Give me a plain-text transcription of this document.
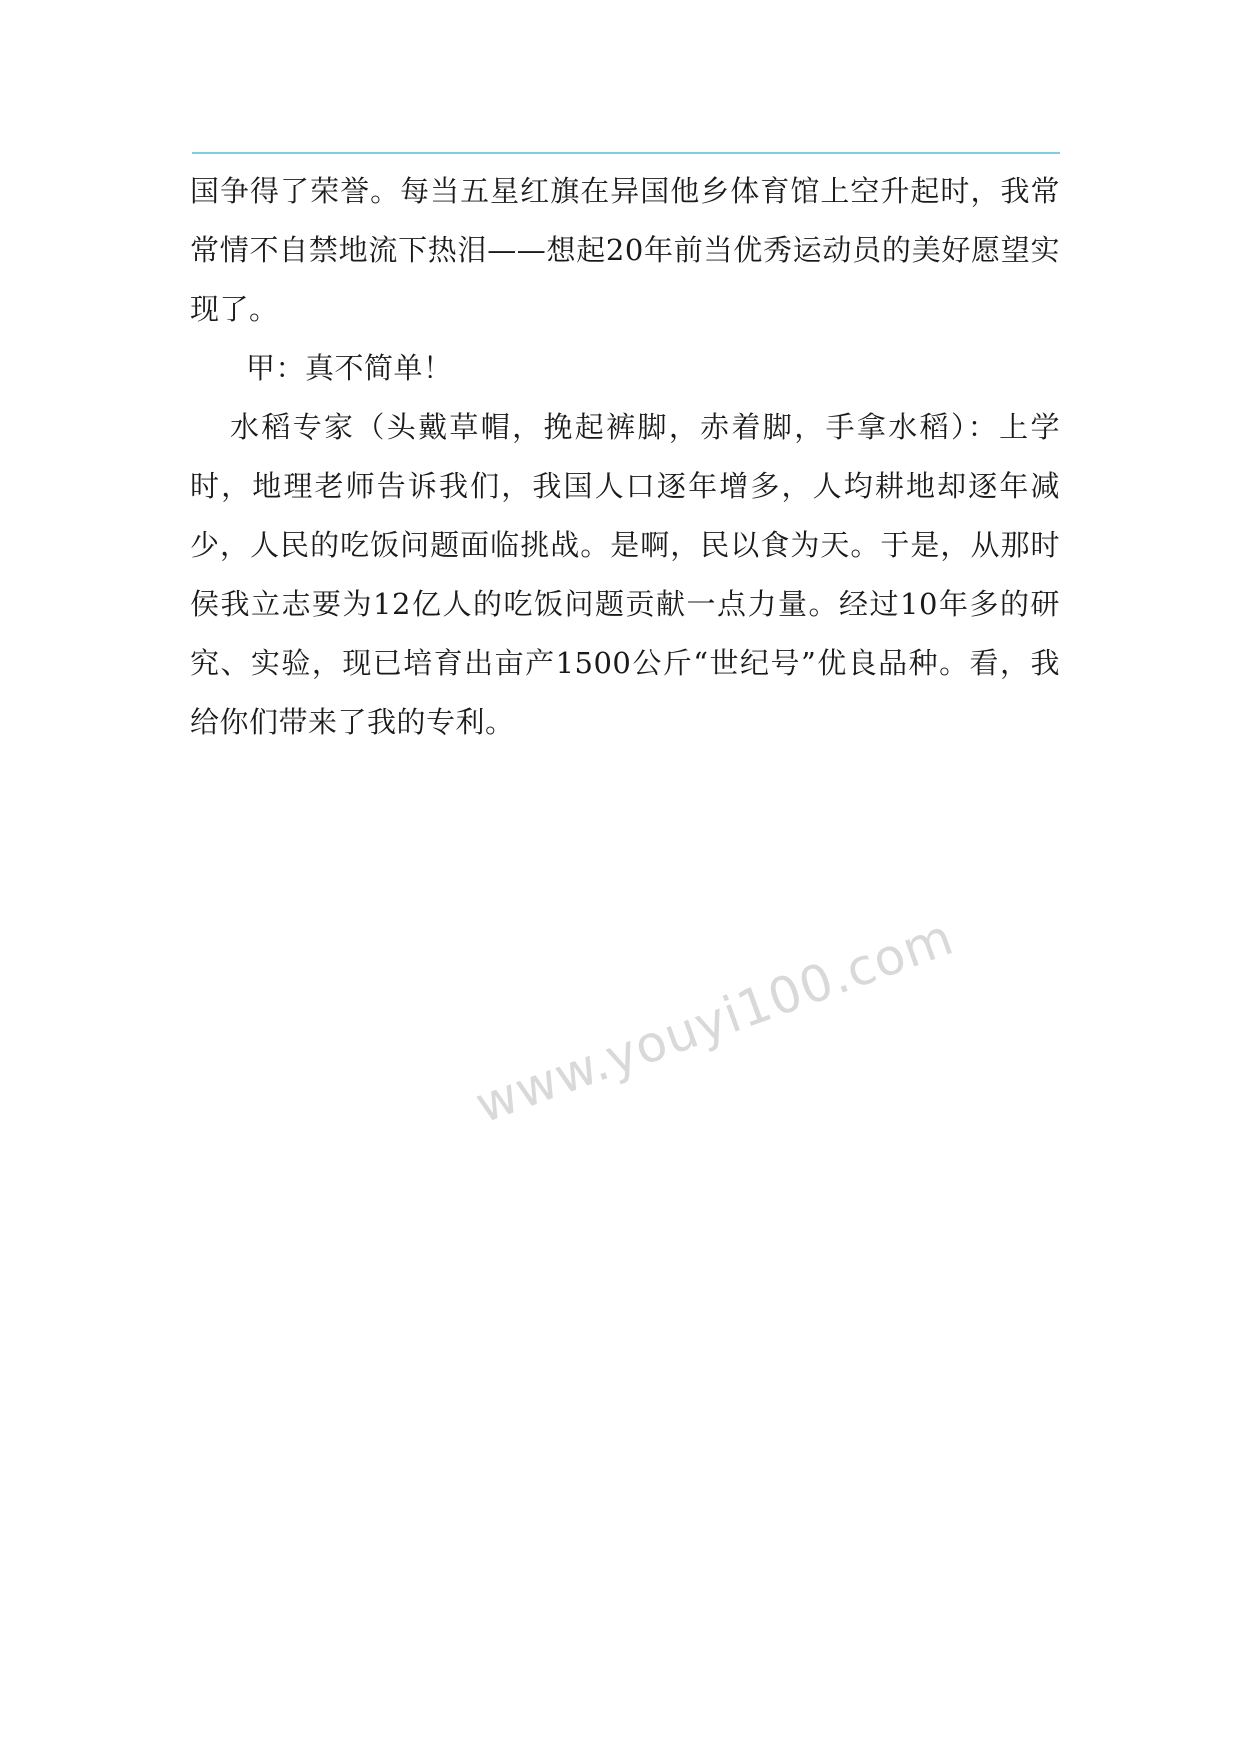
国争得了荣誉。每当五星红旗在异国他乡体育馆上空升起时，我常常情不自禁地流下热泪——想起20年前当优秀运动员的美好愿望实现了。

甲：真不简单！

水稻专家（头戴草帽，挽起裤脚，赤着脚，手拿水稻）：上学时，地理老师告诉我们，我国人口逐年增多，人均耕地却逐年减少，人民的吃饭问题面临挑战。是啊，民以食为天。于是，从那时侯我立志要为12亿人的吃饭问题贡献一点力量。经过10年多的研究、实验，现已培育出亩产1500公斤“世纪号”优良品种。看，我给你们带来了我的专利。

www.youyi100.com
